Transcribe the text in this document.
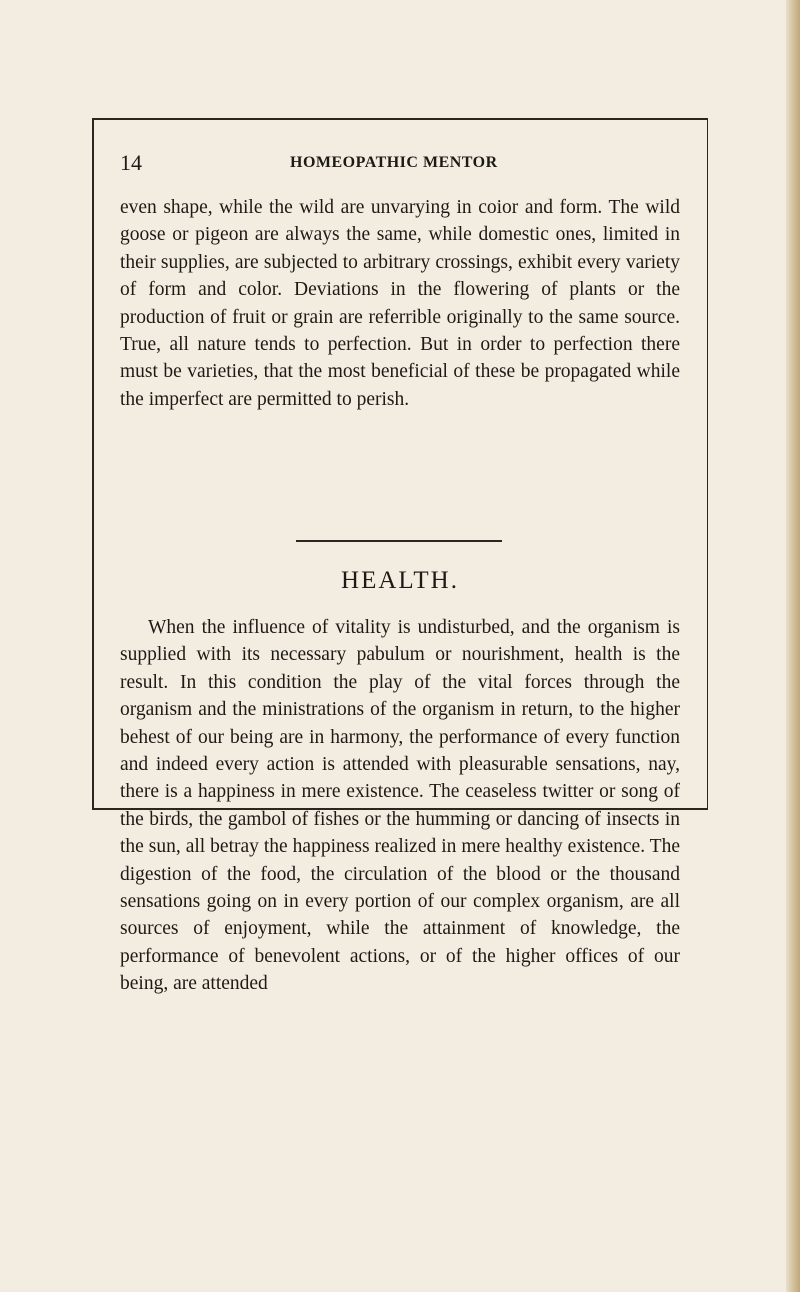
14	HOMEOPATHIC MENTOR

even shape, while the wild are unvarying in coior and form. The wild goose or pigeon are always the same, while domestic ones, limited in their supplies, are subjected to arbitrary crossings, exhibit every variety of form and color. Deviations in the flowering of plants or the production of fruit or grain are referrible originally to the same source. True, all nature tends to perfection. But in order to perfection there must be varieties, that the most beneficial of these be propagated while the imperfect are permitted to perish.

HEALTH.

When the influence of vitality is undisturbed, and the organism is supplied with its necessary pabulum or nourishment, health is the result. In this condition the play of the vital forces through the organism and the ministrations of the organism in return, to the higher behest of our being are in harmony, the performance of every function and indeed every action is attended with pleasurable sensations, nay, there is a happiness in mere existence. The ceaseless twitter or song of the birds, the gambol of fishes or the humming or dancing of insects in the sun, all betray the happiness realized in mere healthy existence. The digestion of the food, the circulation of the blood or the thousand sensations going on in every portion of our complex organism, are all sources of enjoyment, while the attainment of knowledge, the performance of benevolent actions, or of the higher offices of our being, are attended
